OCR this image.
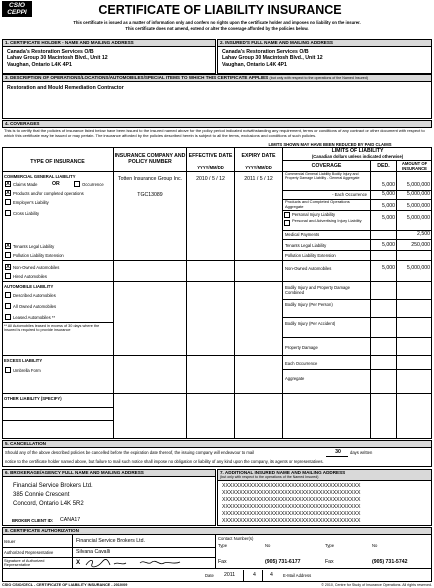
CSIO
CEPPI	CERTIFICATE OF LIABILITY INSURANCE
This certificate is issued as a matter of information only and confers no rights upon the certificate holder and imposes no liability on the insurer.
This certificate does not amend, extend or alter the coverage afforded by the policies below.
1. CERTIFICATE HOLDER - NAME AND MAILING ADDRESS	2. INSURED'S FULL NAME AND MAILING ADDRESS
Canada's Restoration Services O/B
Lahav Group 30 Macintosh Blvd., Unit 12
Vaughan, Ontario L4K 4P1
Canada's Restoration Services O/B
Lahav Group 30 Macintosh Blvd., Unit 12
Vaughan, Ontario L4K 4P1
3. DESCRIPTION OF OPERATIONS/LOCATIONS/AUTOMOBILES/SPECIAL ITEMS TO WHICH THIS CERTIFICATE APPLIES (but only with respect to the operations of the Named Insured)
Restoration and Mould Remediation Contractor
4. COVERAGES
This is to certify that the policies of insurance listed below have been issued to the insured named above for the policy period indicated notwithstanding any requirement, terms or conditions of any contract or other document with respect to which this certificate may be issued or may pertain. The insurance afforded by the policies described herein is subject to all the terms, exclusions and conditions of such policies.
LIMITS SHOWN MAY HAVE BEEN REDUCED BY PAID CLAIMS
TYPE OF INSURANCE
INSURANCE COMPANY AND POLICY NUMBER
EFFECTIVE DATE
YYYY/MM/DD
EXPIRY DATE
YYYY/MM/DD
LIMITS OF LIABILITY
(Canadian dollars unless indicated otherwise)
COVERAGE	DED.	AMOUNT OF INSURANCE
COMMERCIAL GENERAL LIABILITY
X Claims Made	OR	Occurrence
X Products and/or completed operations
Employer's Liability
Cross Liability
X Tenants Legal Liability
Pollution Liability Extension
Totten Insurance Group Inc.
TGC13089
2010 / 5 / 12	2011 / 5 / 12
Commercial General Liability Bodily Injury and Property Damage Liability - General Aggregate
5,000	5,000,000
- Each Occurrence	5,000	5,000,000
Products and Completed Operations Aggregate	5,000	5,000,000
Personal Injury Liability
Personal and Advertising Injury Liability	5,000	5,000,000
Medical Payments	2,500
Tenants Legal Liability	5,000	250,000
Pollution Liability Extension
X Non-Owned Automobiles
Hired Automobiles
Non-Owned Automobiles	5,000	5,000,000
AUTOMOBILE LIABILITY
Described Automobiles
All Owned Automobiles
Leased Automobiles **
** All Automobiles leased in excess of 30 days where the insured is required to provide insurance
Bodily Injury and Property Damage Combined
Bodily Injury (Per Person)
Bodily Injury (Per Accident)
Property Damage
EXCESS LIABILITY
Umbrella Form
Each Occurrence
Aggregate
OTHER LIABILITY (SPECIFY)
5. CANCELLATION
Should any of the above described policies be cancelled before the expiration date thereof, the issuing company will endeavour to mail	30	days written
notice to the certificate holder named above, but failure to mail such notice shall impose no obligation or liability of any kind upon the company, its agents or representatives.
6. BROKERAGE/AGENCY FULL NAME AND MAILING ADDRESS	7. ADDITIONAL INSURED NAME AND MAILING ADDRESS
(but only with respect to the operations of the Named Insured)
Financial Service Brokers Ltd.
385 Connie Crescent
Concord, Ontario L4K 5R2
BROKER CLIENT ID: CANA17
XXXXXXXXXXXXXXXXXXXXXXXXXXXXXXXXXXXXXXXX
XXXXXXXXXXXXXXXXXXXXXXXXXXXXXXXXXXXXXXXX
XXXXXXXXXXXXXXXXXXXXXXXXXXXXXXXXXXXXXXXX
XXXXXXXXXXXXXXXXXXXXXXXXXXXXXXXXXXXXXXXX
XXXXXXXXXXXXXXXXXXXXXXXXXXXXXXXXXXXXXXXX
XXXXXXXXXXXXXXXXXXXXXXXXXXXXXXXXXXXXXXXX
8. CERTIFICATE AUTHORIZATION
Issuer	Financial Service Brokers Ltd.
Authorized Representative	Silvana Cavalli
Signature of Authorized Representative	X
Contact Number(s)
Type	No	Type	No
Fax	(905) 731-6177	Fax	(905) 731-5742
Date 2011	4	4 E-Mail Address
CSIO CSIO/CECL - CERTIFICATE OF LIABILITY INSURANCE - 2010/09	© 2010, Centre for Study of Insurance Operations. All rights reserved.
